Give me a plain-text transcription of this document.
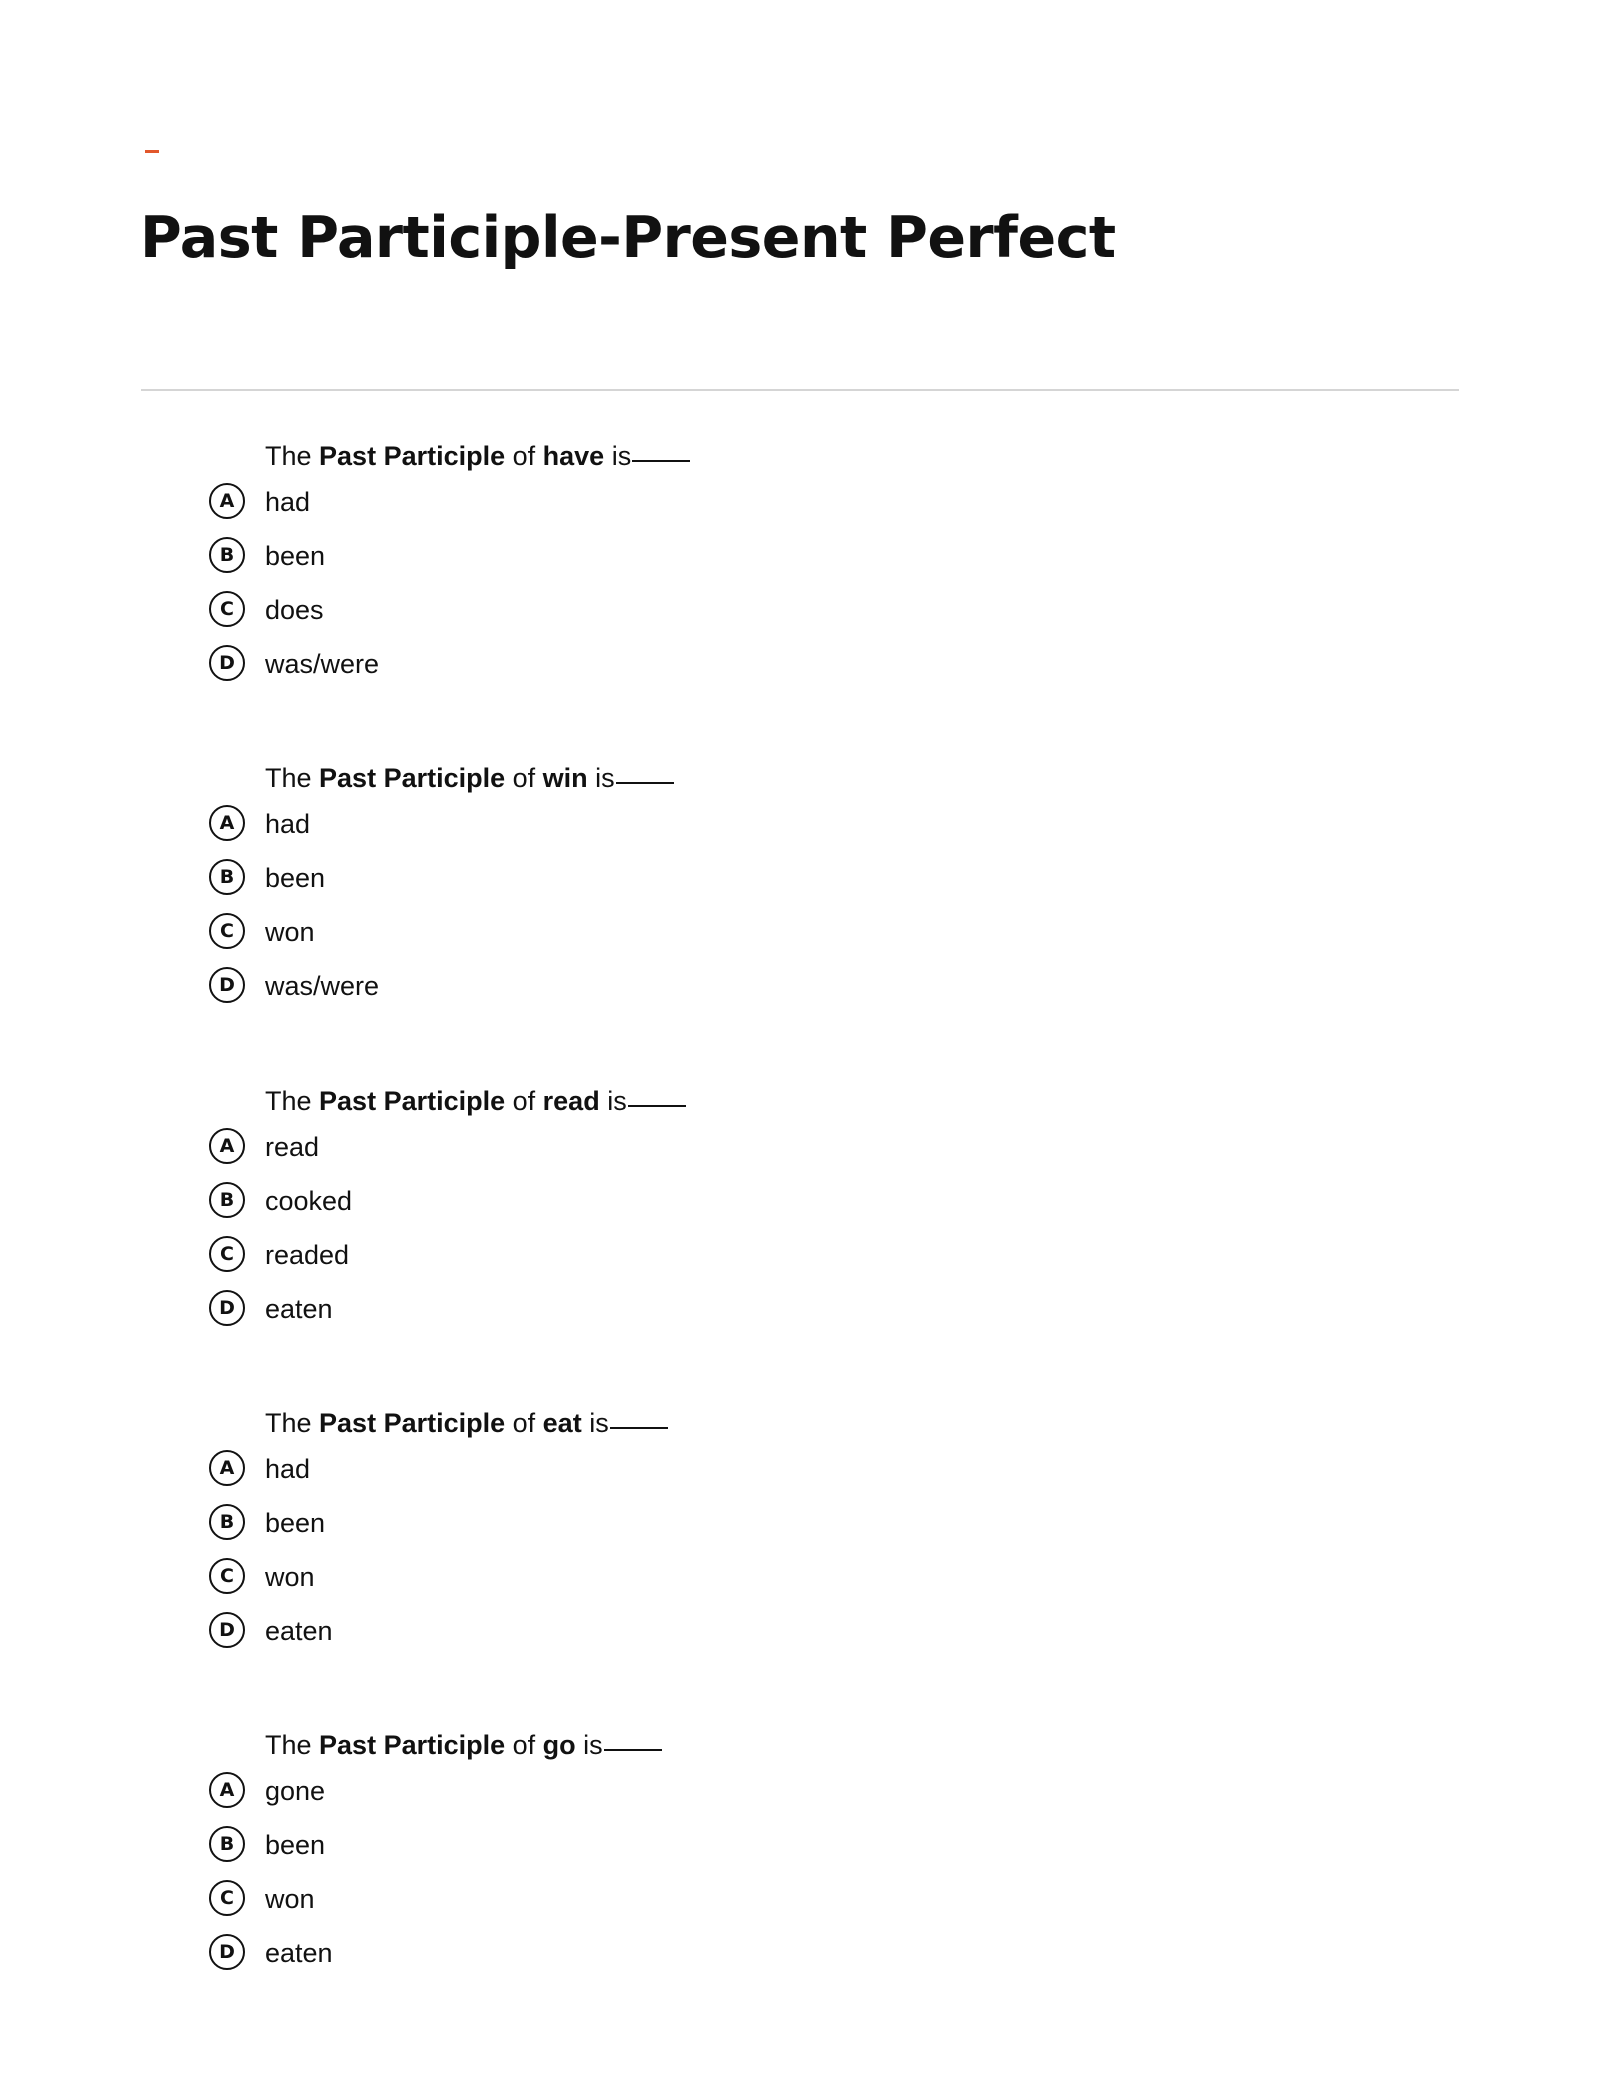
Past Participle-Present Perfect
The Past Participle of have is
A	had
B	been
C	does
D	was/were
The Past Participle of win is
A	had
B	been
C	won
D	was/were
The Past Participle of read is
A	read
B	cooked
C	readed
D	eaten
The Past Participle of eat is
A	had
B	been
C	won
D	eaten
The Past Participle of go is
A	gone
B	been
C	won
D	eaten
